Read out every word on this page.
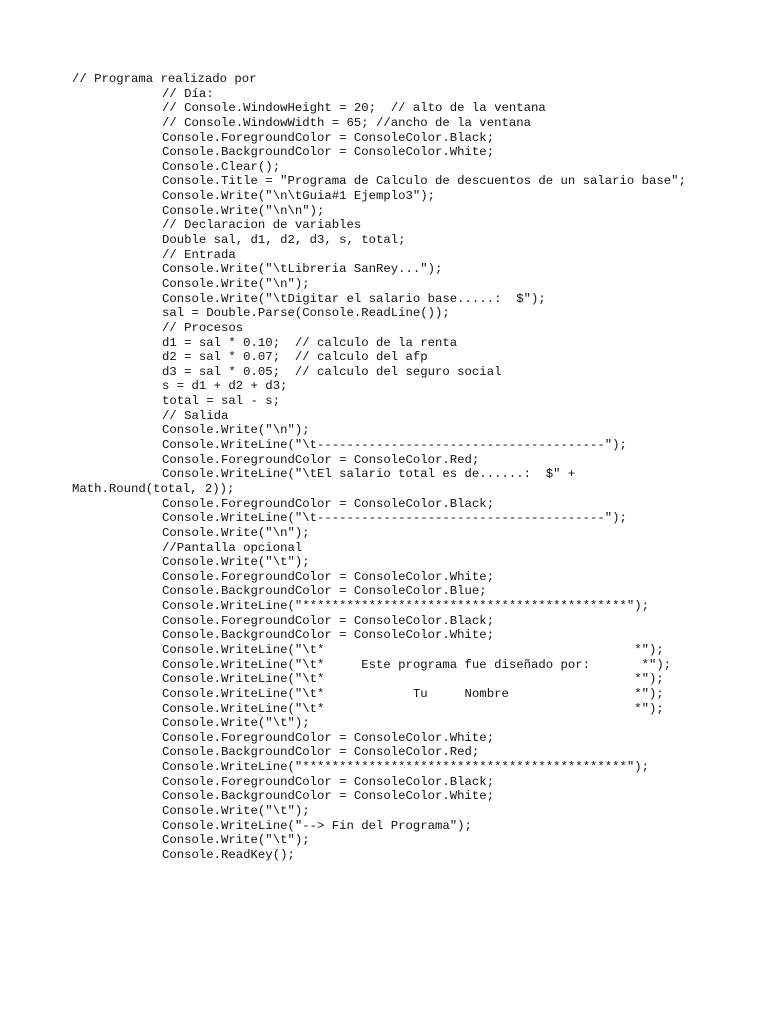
// Programa realizado por
// Día:
// Console.WindowHeight = 20;  // alto de la ventana
// Console.WindowWidth = 65; //ancho de la ventana
Console.ForegroundColor = ConsoleColor.Black;
Console.BackgroundColor = ConsoleColor.White;
Console.Clear();
Console.Title = "Programa de Calculo de descuentos de un salario base";
Console.Write("\n\tGuia#1 Ejemplo3");
Console.Write("\n\n");
// Declaracion de variables
Double sal, d1, d2, d3, s, total;
// Entrada
Console.Write("\tLibreria SanRey...");
Console.Write("\n");
Console.Write("\tDigitar el salario base.....:  $");
sal = Double.Parse(Console.ReadLine());
// Procesos
d1 = sal * 0.10;  // calculo de la renta
d2 = sal * 0.07;  // calculo del afp
d3 = sal * 0.05;  // calculo del seguro social
s = d1 + d2 + d3;
total = sal - s;
// Salida
Console.Write("\n");
Console.WriteLine("\t---------------------------------------");
Console.ForegroundColor = ConsoleColor.Red;
Console.WriteLine("\tEl salario total es de......:  $" +
Math.Round(total, 2));
Console.ForegroundColor = ConsoleColor.Black;
Console.WriteLine("\t---------------------------------------");
Console.Write("\n");
//Pantalla opcional
Console.Write("\t");
Console.ForegroundColor = ConsoleColor.White;
Console.BackgroundColor = ConsoleColor.Blue;
Console.WriteLine("********************************************");
Console.ForegroundColor = ConsoleColor.Black;
Console.BackgroundColor = ConsoleColor.White;
Console.WriteLine("\t*                                          *");
Console.WriteLine("\t*     Este programa fue diseñado por:       *");
Console.WriteLine("\t*                                          *");
Console.WriteLine("\t*            Tu     Nombre                 *");
Console.WriteLine("\t*                                          *");
Console.Write("\t");
Console.ForegroundColor = ConsoleColor.White;
Console.BackgroundColor = ConsoleColor.Red;
Console.WriteLine("********************************************");
Console.ForegroundColor = ConsoleColor.Black;
Console.BackgroundColor = ConsoleColor.White;
Console.Write("\t");
Console.WriteLine("--> Fin del Programa");
Console.Write("\t");
Console.ReadKey();
